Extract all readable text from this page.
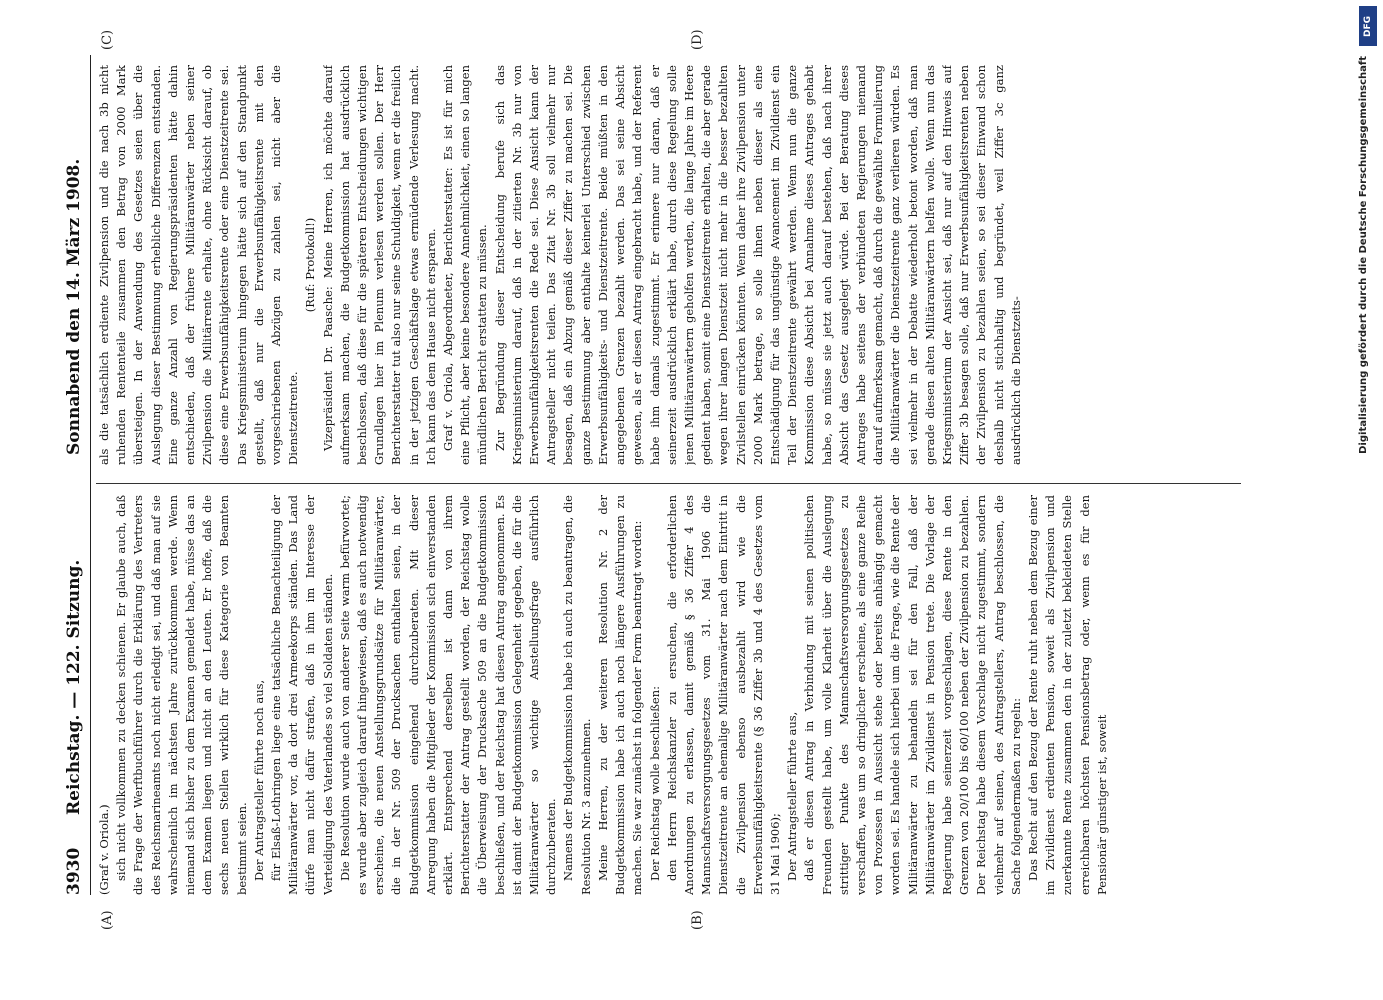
3930
Reichstag. — 122. Sitzung.
Sonnabend den 14. März 1908.
(A)	(B)
(C)	(D)

(Graf v. Oriola.) sich nicht vollkommen zu decken schienen. Er glaube auch, daß die Frage der Werftbuchführer durch die Erklärung des Vertreters des Reichsmarineamts noch nicht erledigt sei, und daß man auf sie wahrscheinlich im nächsten Jahre zurückkommen werde. Wenn niemand sich bisher zu dem Examen gemeldet habe, müsse das an dem Examen liegen und nicht an den Leuten. Er hoffe, daß die sechs neuen Stellen wirklich für diese Kategorie von Beamten bestimmt seien. Der Antragsteller führte noch aus, für Elsaß-Lothringen liege eine tatsächliche Benachteiligung der Militäranwärter vor, da dort drei Armeekorps ständen. Das Land dürfe man nicht dafür strafen, daß in ihm im Interesse der Verteidigung des Vaterlandes so viel Soldaten ständen. Die Resolution wurde auch von anderer Seite warm befürwortet; es wurde aber zugleich darauf hingewiesen, daß es auch notwendig erscheine, die neuen Anstellungsgrundsätze für Militäranwärter, die in der Nr. 509 der Drucksachen enthalten seien, in der Budgetkommission eingehend durchzuberaten. Mit dieser Anregung haben die Mitglieder der Kommission sich einverstanden erklärt. Entsprechend derselben ist dann von ihrem Berichterstatter der Antrag gestellt worden, der Reichstag wolle die Überweisung der Drucksache 509 an die Budgetkommission beschließen, und der Reichstag hat diesen Antrag angenommen. Es ist damit der Budgetkommission Gelegenheit gegeben, die für die Militäranwärter so wichtige Anstellungsfrage ausführlich durchzuberaten. Namens der Budgetkommission habe ich auch zu beantragen, die Resolution Nr. 3 anzunehmen. Meine Herren, zu der weiteren Resolution Nr. 2 der Budgetkommission habe ich auch noch längere Ausführungen zu machen. Sie war zunächst in folgender Form beantragt worden: Der Reichstag wolle beschließen: den Herrn Reichskanzler zu ersuchen, die erforderlichen Anordnungen zu erlassen, damit gemäß § 36 Ziffer 4 des Mannschaftsversorgungsgesetzes vom 31. Mai 1906 die Dienstzeitrente an ehemalige Militäranwärter nach dem Eintritt in die Zivilpension ebenso ausbezahlt wird wie die Erwerbsunfähigkeitsrente (§ 36 Ziffer 3b und 4 des Gesetzes vom 31 Mai 1906); Der Antragsteller führte aus, daß er diesen Antrag in Verbindung mit seinen politischen Freunden gestellt habe, um volle Klarheit über die Auslegung strittiger Punkte des Mannschaftsversorgungsgesetzes zu verschaffen, was um so dringlicher erscheine, als eine ganze Reihe von Prozessen in Aussicht stehe oder bereits anhängig gemacht worden sei. Es handele sich hierbei um die Frage, wie die Rente der Militäranwärter zu behandeln sei für den Fall, daß der Militäranwärter im Zivildienst in Pension trete. Die Vorlage der Regierung habe seinerzeit vorgeschlagen, diese Rente in den Grenzen von 20/100 bis 60/100 neben der Zivilpension zu bezahlen. Der Reichstag habe diesem Vorschlage nicht zugestimmt, sondern vielmehr auf seinen, des Antragstellers, Antrag beschlossen, die Sache folgendermaßen zu regeln: Das Recht auf den Bezug der Rente ruht neben dem Bezug einer im Zivildienst erdienten Pension, soweit als Zivilpension und zuerkannte Rente zusammen den in der zuletzt bekleideten Stelle erreichbaren höchsten Pensionsbetrag oder, wenn es für den Pensionär günstiger ist, soweit

als die tatsächlich erdiente Zivilpension und die nach 3b nicht ruhenden Rententeile zusammen den Betrag von 2000 Mark übersteigen. In der Anwendung des Gesetzes seien über die Auslegung dieser Bestimmung erhebliche Differenzen entstanden. Eine ganze Anzahl von Regierungspräsidenten hätte dahin entschieden, daß der frühere Militäranwärter neben seiner Zivilpension die Militärrente erhalte, ohne Rücksicht darauf, ob diese eine Erwerbsunfähigkeitsrente oder eine Dienstzeitrente sei. Das Kriegsministerium hingegen hätte sich auf den Standpunkt gestellt, daß nur die Erwerbsunfähigkeitsrente mit den vorgeschriebenen Abzügen zu zahlen sei, nicht aber die Dienstzeitrente.

(Ruf: Protokoll!) Vizepräsident Dr. Paasche: Meine Herren, ich möchte darauf aufmerksam machen, die Budgetkommission hat ausdrücklich beschlossen, daß diese für die späteren Entscheidungen wichtigen Grundlagen hier im Plenum verlesen werden sollen. Der Herr Berichterstatter tut also nur seine Schuldigkeit, wenn er die freilich in der jetzigen Geschäftslage etwas ermüdende Verlesung macht. Ich kann das dem Hause nicht ersparen. Graf v. Oriola, Abgeordneter, Berichterstatter: Es ist für mich eine Pflicht, aber keine besondere Annehmlichkeit, einen so langen mündlichen Bericht erstatten zu müssen. Zur Begründung dieser Entscheidung berufe sich das Kriegsministerium darauf, daß in der zitierten Nr. 3b nur von Erwerbsunfähigkeitsrenten die Rede sei. Diese Ansicht kann der Antragsteller nicht teilen. Das Zitat Nr. 3b soll vielmehr nur besagen, daß ein Abzug gemäß dieser Ziffer zu machen sei. Die ganze Bestimmung aber enthalte keinerlei Unterschied zwischen Erwerbsunfähigkeits- und Dienstzeitrente. Beide müßten in den angegebenen Grenzen bezahlt werden. Das sei seine Absicht gewesen, als er diesen Antrag eingebracht habe, und der Referent habe ihm damals zugestimmt. Er erinnere nur daran, daß er seinerzeit ausdrücklich erklärt habe, durch diese Regelung solle jenen Militäranwärtern geholfen werden, die lange Jahre im Heere gedient haben, somit eine Dienstzeitrente erhalten, die aber gerade wegen ihrer langen Dienstzeit nicht mehr in die besser bezahlten Zivilstellen einrücken könnten. Wenn daher ihre Zivilpension unter 2000 Mark betrage, so solle ihnen neben dieser als eine Entschädigung für das ungünstige Avancement im Zivildienst ein Teil der Dienstzeitrente gewährt werden. Wenn nun die ganze Kommission diese Absicht bei Annahme dieses Antrages gehabt habe, so müsse sie jetzt auch darauf bestehen, daß nach ihrer Absicht das Gesetz ausgelegt würde. Bei der Beratung dieses Antrages habe seitens der verbündeten Regierungen niemand darauf aufmerksam gemacht, daß durch die gewählte Formulierung die Militäranwärter die Dienstzeitrente ganz verlieren würden. Es sei vielmehr in der Debatte wiederholt betont worden, daß man gerade diesen alten Militäranwärtern helfen wolle. Wenn nun das Kriegsministerium der Ansicht sei, daß nur auf den Hinweis auf Ziffer 3b besagen solle, daß nur Erwerbsunfähigkeitsrenten neben der Zivilpension zu bezahlen seien, so sei dieser Einwand schon deshalb nicht stichhaltig und begründet, weil Ziffer 3c ganz ausdrücklich die Dienstzeits-

DFG
Digitalisierung gefördert durch die Deutsche Forschungsgemeinschaft
